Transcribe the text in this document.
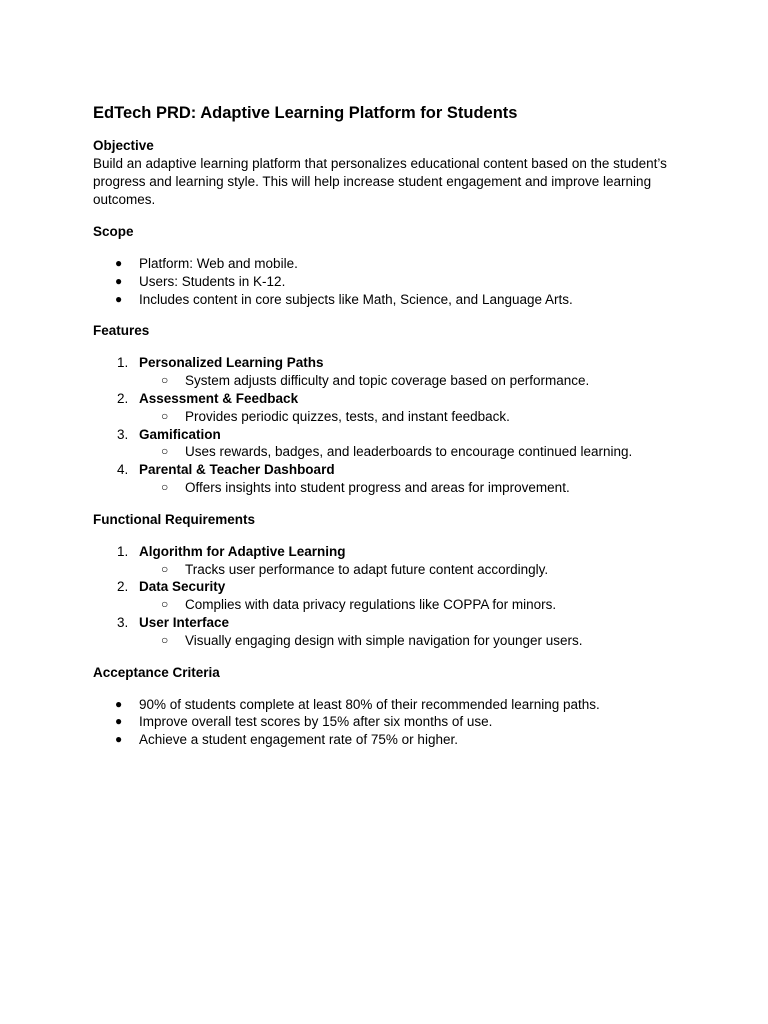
EdTech PRD: Adaptive Learning Platform for Students
Objective

Build an adaptive learning platform that personalizes educational content based on the student’s progress and learning style. This will help increase student engagement and improve learning outcomes.

Scope
● Platform: Web and mobile.
● Users: Students in K-12.
● Includes content in core subjects like Math, Science, and Language Arts.
Features
1. Personalized Learning Paths
○ System adjusts difficulty and topic coverage based on performance.
2. Assessment & Feedback
○ Provides periodic quizzes, tests, and instant feedback.
3. Gamification
○ Uses rewards, badges, and leaderboards to encourage continued learning.
4. Parental & Teacher Dashboard
○ Offers insights into student progress and areas for improvement.
Functional Requirements
1. Algorithm for Adaptive Learning
○ Tracks user performance to adapt future content accordingly.
2. Data Security
○ Complies with data privacy regulations like COPPA for minors.
3. User Interface
○ Visually engaging design with simple navigation for younger users.
Acceptance Criteria
● 90% of students complete at least 80% of their recommended learning paths.
● Improve overall test scores by 15% after six months of use.
● Achieve a student engagement rate of 75% or higher.
